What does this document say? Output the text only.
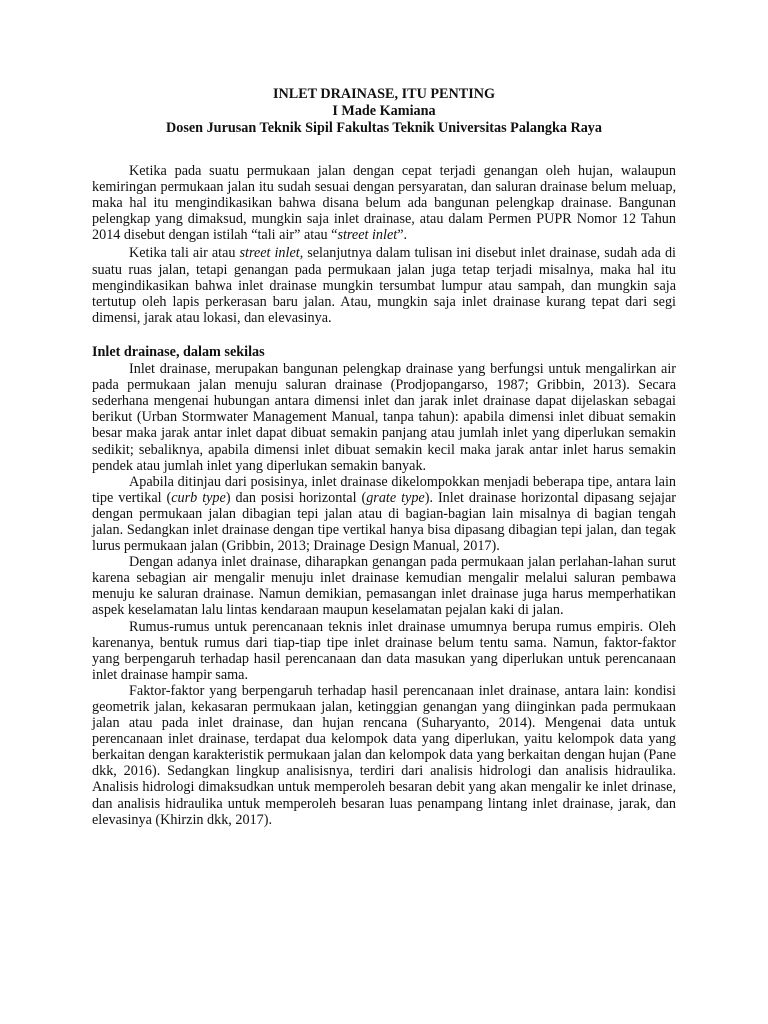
INLET DRAINASE, ITU PENTING
I Made Kamiana
Dosen Jurusan Teknik Sipil Fakultas Teknik Universitas Palangka Raya

Ketika pada suatu permukaan jalan dengan cepat terjadi genangan oleh hujan, walaupun kemiringan permukaan jalan itu sudah sesuai dengan persyaratan, dan saluran drainase belum meluap, maka hal itu mengindikasikan bahwa disana belum ada bangunan pelengkap drainase. Bangunan pelengkap yang dimaksud, mungkin saja inlet drainase, atau dalam Permen PUPR Nomor 12 Tahun 2014 disebut dengan istilah “tali air” atau “street inlet”.

Ketika tali air atau street inlet, selanjutnya dalam tulisan ini disebut inlet drainase, sudah ada di suatu ruas jalan, tetapi genangan pada permukaan jalan juga tetap terjadi misalnya, maka hal itu mengindikasikan bahwa inlet drainase mungkin tersumbat lumpur atau sampah, dan mungkin saja tertutup oleh lapis perkerasan baru jalan. Atau, mungkin saja inlet drainase kurang tepat dari segi dimensi, jarak atau lokasi, dan elevasinya.

Inlet drainase, dalam sekilas

Inlet drainase, merupakan bangunan pelengkap drainase yang berfungsi untuk mengalirkan air pada permukaan jalan menuju saluran drainase (Prodjopangarso, 1987; Gribbin, 2013). Secara sederhana mengenai hubungan antara dimensi inlet dan jarak inlet drainase dapat dijelaskan sebagai berikut (Urban Stormwater Management Manual, tanpa tahun): apabila dimensi inlet dibuat semakin besar maka jarak antar inlet dapat dibuat semakin panjang atau jumlah inlet yang diperlukan semakin sedikit; sebaliknya, apabila dimensi inlet dibuat semakin kecil maka jarak antar inlet harus semakin pendek atau jumlah inlet yang diperlukan semakin banyak.

Apabila ditinjau dari posisinya, inlet drainase dikelompokkan menjadi beberapa tipe, antara lain tipe vertikal (curb type) dan posisi horizontal (grate type). Inlet drainase horizontal dipasang sejajar dengan permukaan jalan dibagian tepi jalan atau di bagian-bagian lain misalnya di bagian tengah jalan. Sedangkan inlet drainase dengan tipe vertikal hanya bisa dipasang dibagian tepi jalan, dan tegak lurus permukaan jalan (Gribbin, 2013; Drainage Design Manual, 2017).

Dengan adanya inlet drainase, diharapkan genangan pada permukaan jalan perlahan-lahan surut karena sebagian air mengalir menuju inlet drainase kemudian mengalir melalui saluran pembawa menuju ke saluran drainase. Namun demikian, pemasangan inlet drainase juga harus memperhatikan aspek keselamatan lalu lintas kendaraan maupun keselamatan pejalan kaki di jalan.

Rumus-rumus untuk perencanaan teknis inlet drainase umumnya berupa rumus empiris. Oleh karenanya, bentuk rumus dari tiap-tiap tipe inlet drainase belum tentu sama. Namun, faktor-faktor yang berpengaruh terhadap hasil perencanaan dan data masukan yang diperlukan untuk perencanaan inlet drainase hampir sama.

Faktor-faktor yang berpengaruh terhadap hasil perencanaan inlet drainase, antara lain: kondisi geometrik jalan, kekasaran permukaan jalan, ketinggian genangan yang diinginkan pada permukaan jalan atau pada inlet drainase, dan hujan rencana (Suharyanto, 2014). Mengenai data untuk perencanaan inlet drainase, terdapat dua kelompok data yang diperlukan, yaitu kelompok data yang berkaitan dengan karakteristik permukaan jalan dan kelompok data yang berkaitan dengan hujan (Pane dkk, 2016). Sedangkan lingkup analisisnya, terdiri dari analisis hidrologi dan analisis hidraulika. Analisis hidrologi dimaksudkan untuk memperoleh besaran debit yang akan mengalir ke inlet drinase, dan analisis hidraulika untuk memperoleh besaran luas penampang lintang inlet drainase, jarak, dan elevasinya (Khirzin dkk, 2017).
